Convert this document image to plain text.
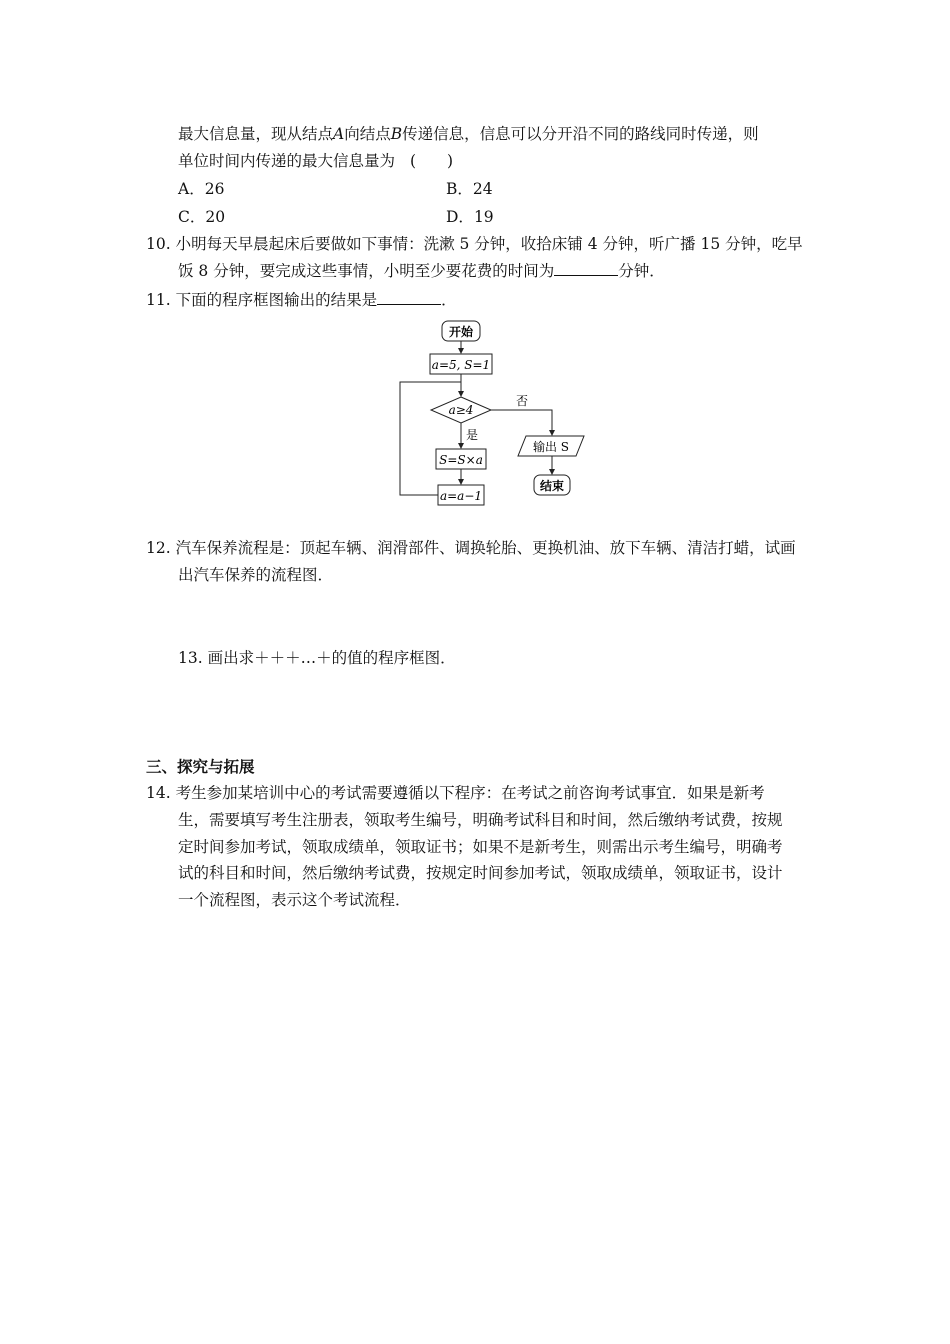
最大信息量，现从结点A向结点B传递信息，信息可以分开沿不同的路线同时传递，则
单位时间内传递的最大信息量为 (　　)
A．26	B．24
C．20	D．19
10. 小明每天早晨起床后要做如下事情：洗漱 5 分钟，收拾床铺 4 分钟，听广播 15 分钟，吃早
饭 8 分钟，要完成这些事情，小明至少要花费的时间为	分钟．
11. 下面的程序框图输出的结果是	．
开始
a=5, S=1
a≥4
否
是
S=S×a
a=a−1
输出 S
结束
12. 汽车保养流程是：顶起车辆、润滑部件、调换轮胎、更换机油、放下车辆、清洁打蜡，试画
出汽车保养的流程图．
13. 画出求＋＋＋…＋的值的程序框图．
三、探究与拓展
14. 考生参加某培训中心的考试需要遵循以下程序：在考试之前咨询考试事宜．如果是新考
生，需要填写考生注册表，领取考生编号，明确考试科目和时间，然后缴纳考试费，按规
定时间参加考试，领取成绩单，领取证书；如果不是新考生，则需出示考生编号，明确考
试的科目和时间，然后缴纳考试费，按规定时间参加考试，领取成绩单，领取证书，设计
一个流程图，表示这个考试流程．
